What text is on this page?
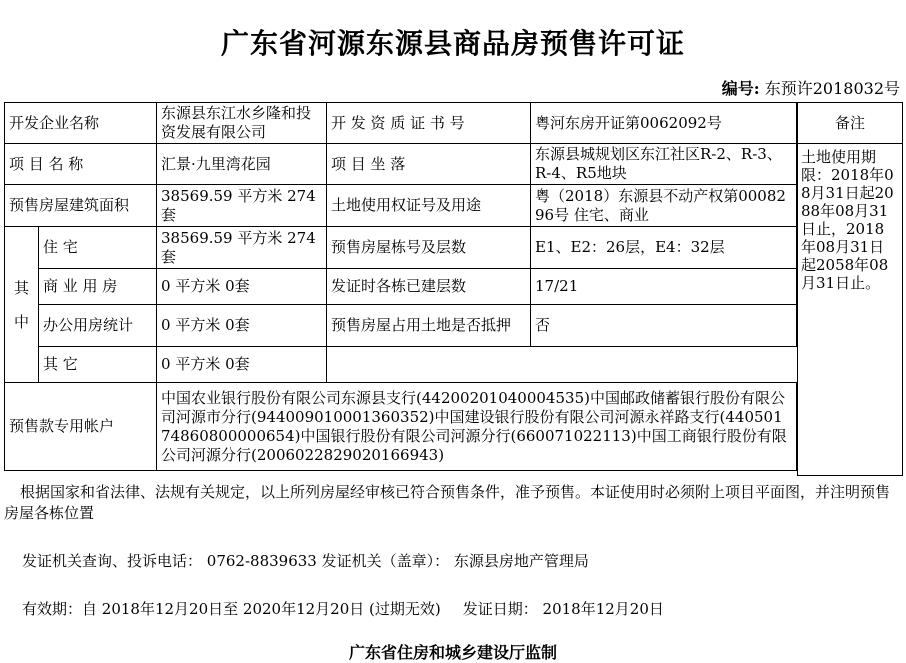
广东省河源东源县商品房预售许可证
编号: 东预许2018032号
开发企业名称		东源县东江水乡隆和投资发展有限公司	开 发 资 质 证 书 号	粤河东房开证第0062092号
项 目 名 称		汇景·九里湾花园	项 目 坐 落	东源县城规划区东江社区R-2、R-3、R-4、R5地块
预售房屋建筑面积		38569.59 平方米 274套	土地使用权证号及用途	粤（2018）东源县不动产权第0008296号 住宅、商业
其 中	住 宅	38569.59 平方米 274套	预售房屋栋号及层数	E1、E2：26层，E4：32层
	商 业 用 房	0 平方米 0套	发证时各栋已建层数	17/21
	办公用房统计	0 平方米 0套	预售房屋占用土地是否抵押	否
	其 它	0 平方米 0套		
预售款专用帐户		中国农业银行股份有限公司东源县支行(44200201040004535)中国邮政储蓄银行股份有限公司河源市分行(944009010001360352)中国建设银行股份有限公司河源永祥路支行(44050174860800000654)中国银行股份有限公司河源分行(660071022113)中国工商银行股份有限公司河源分行(2006022829020166943)		
备注
土地使用期限：2018年08月31日起2088年08月31日止，2018年08月31日起2058年08月31日止。
根据国家和省法律、法规有关规定，以上所列房屋经审核已符合预售条件，准予预售。本证使用时必须附上项目平面图，并注明预售房屋各栋位置
发证机关查询、投诉电话： 0762-8839633 发证机关（盖章）： 东源县房地产管理局
有效期：自 2018年12月20日至 2020年12月20日 (过期无效) 发证日期： 2018年12月20日
广东省住房和城乡建设厅监制
